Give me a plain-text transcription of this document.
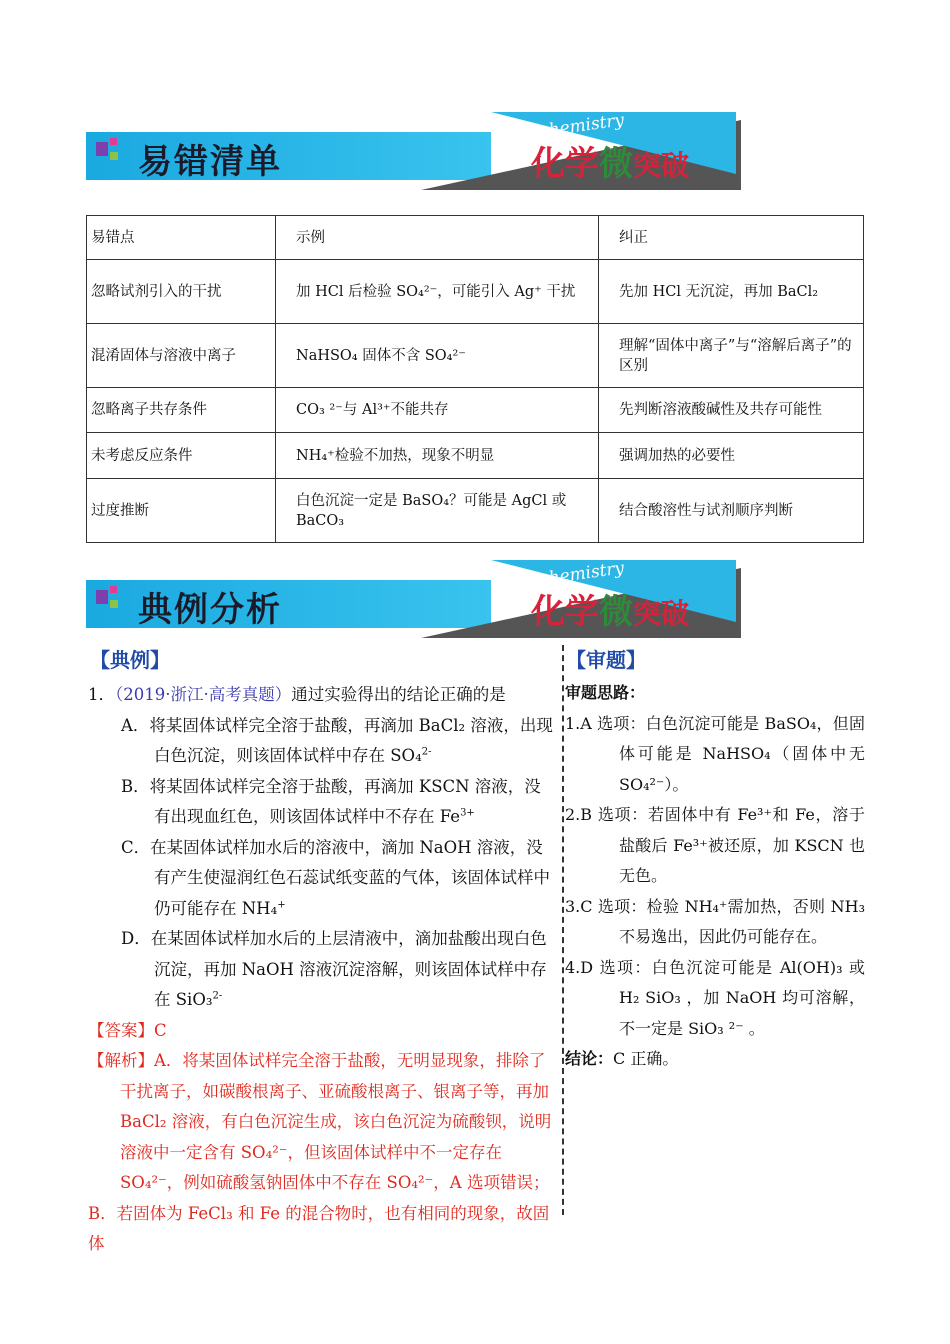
易错清单
chemistry
化学微突破
易错点	示例	纠正
忽略试剂引入的干扰	加 HCl 后检验 SO₄²⁻，可能引入 Ag⁺ 干扰	先加 HCl 无沉淀，再加 BaCl₂
混淆固体与溶液中离子	NaHSO₄ 固体不含 SO₄²⁻	理解“固体中离子”与“溶解后离子”的区别
忽略离子共存条件	CO₃ ²⁻与 Al³⁺不能共存	先判断溶液酸碱性及共存可能性
未考虑反应条件	NH₄⁺检验不加热，现象不明显	强调加热的必要性
过度推断	白色沉淀一定是 BaSO₄？可能是 AgCl 或 BaCO₃	结合酸溶性与试剂顺序判断
典例分析
chemistry
化学微突破
【典例】	【审题】

1．（2019·浙江·高考真题）通过实验得出的结论正确的是

A．将某固体试样完全溶于盐酸，再滴加 BaCl₂ 溶液，出现白色沉淀，则该固体试样中存在 SO₄$^{2-}$

B．将某固体试样完全溶于盐酸，再滴加 KSCN 溶液，没有出现血红色，则该固体试样中不存在 $Fe^{3+}$

C．在某固体试样加水后的溶液中，滴加 NaOH 溶液，没有产生使湿润红色石蕊试纸变蓝的气体，该固体试样中仍可能存在 NH₄+

D．在某固体试样加水后的上层清液中，滴加盐酸出现白色沉淀，再加 NaOH 溶液沉淀溶解，则该固体试样中存在 SiO₃$^{2-}$

【答案】C

【解析】A．将某固体试样完全溶于盐酸，无明显现象，排除了干扰离子，如碳酸根离子、亚硫酸根离子、银离子等，再加 BaCl₂ 溶液，有白色沉淀生成，该白色沉淀为硫酸钡，说明溶液中一定含有 SO₄²⁻，但该固体试样中不一定存在 SO₄²⁻，例如硫酸氢钠固体中不存在 SO₄²⁻，A 选项错误；

B．若固体为 FeCl₃ 和 Fe 的混合物时，也有相同的现象，故固体

审题思路：

1.A 选项：白色沉淀可能是 BaSO₄，但固体可能是 NaHSO₄（固体中无 SO₄²⁻）。

2.B 选项：若固体中有 Fe³⁺和 Fe，溶于盐酸后 Fe³⁺被还原，加 KSCN 也无色。

3.C 选项：检验 NH₄⁺需加热，否则 NH₃ 不易逸出，因此仍可能存在。

4.D 选项：白色沉淀可能是 Al(OH)₃ 或 H₂ SiO₃ ，加 NaOH 均可溶解，不一定是 SiO₃ ²⁻ 。

结论：C 正确。
